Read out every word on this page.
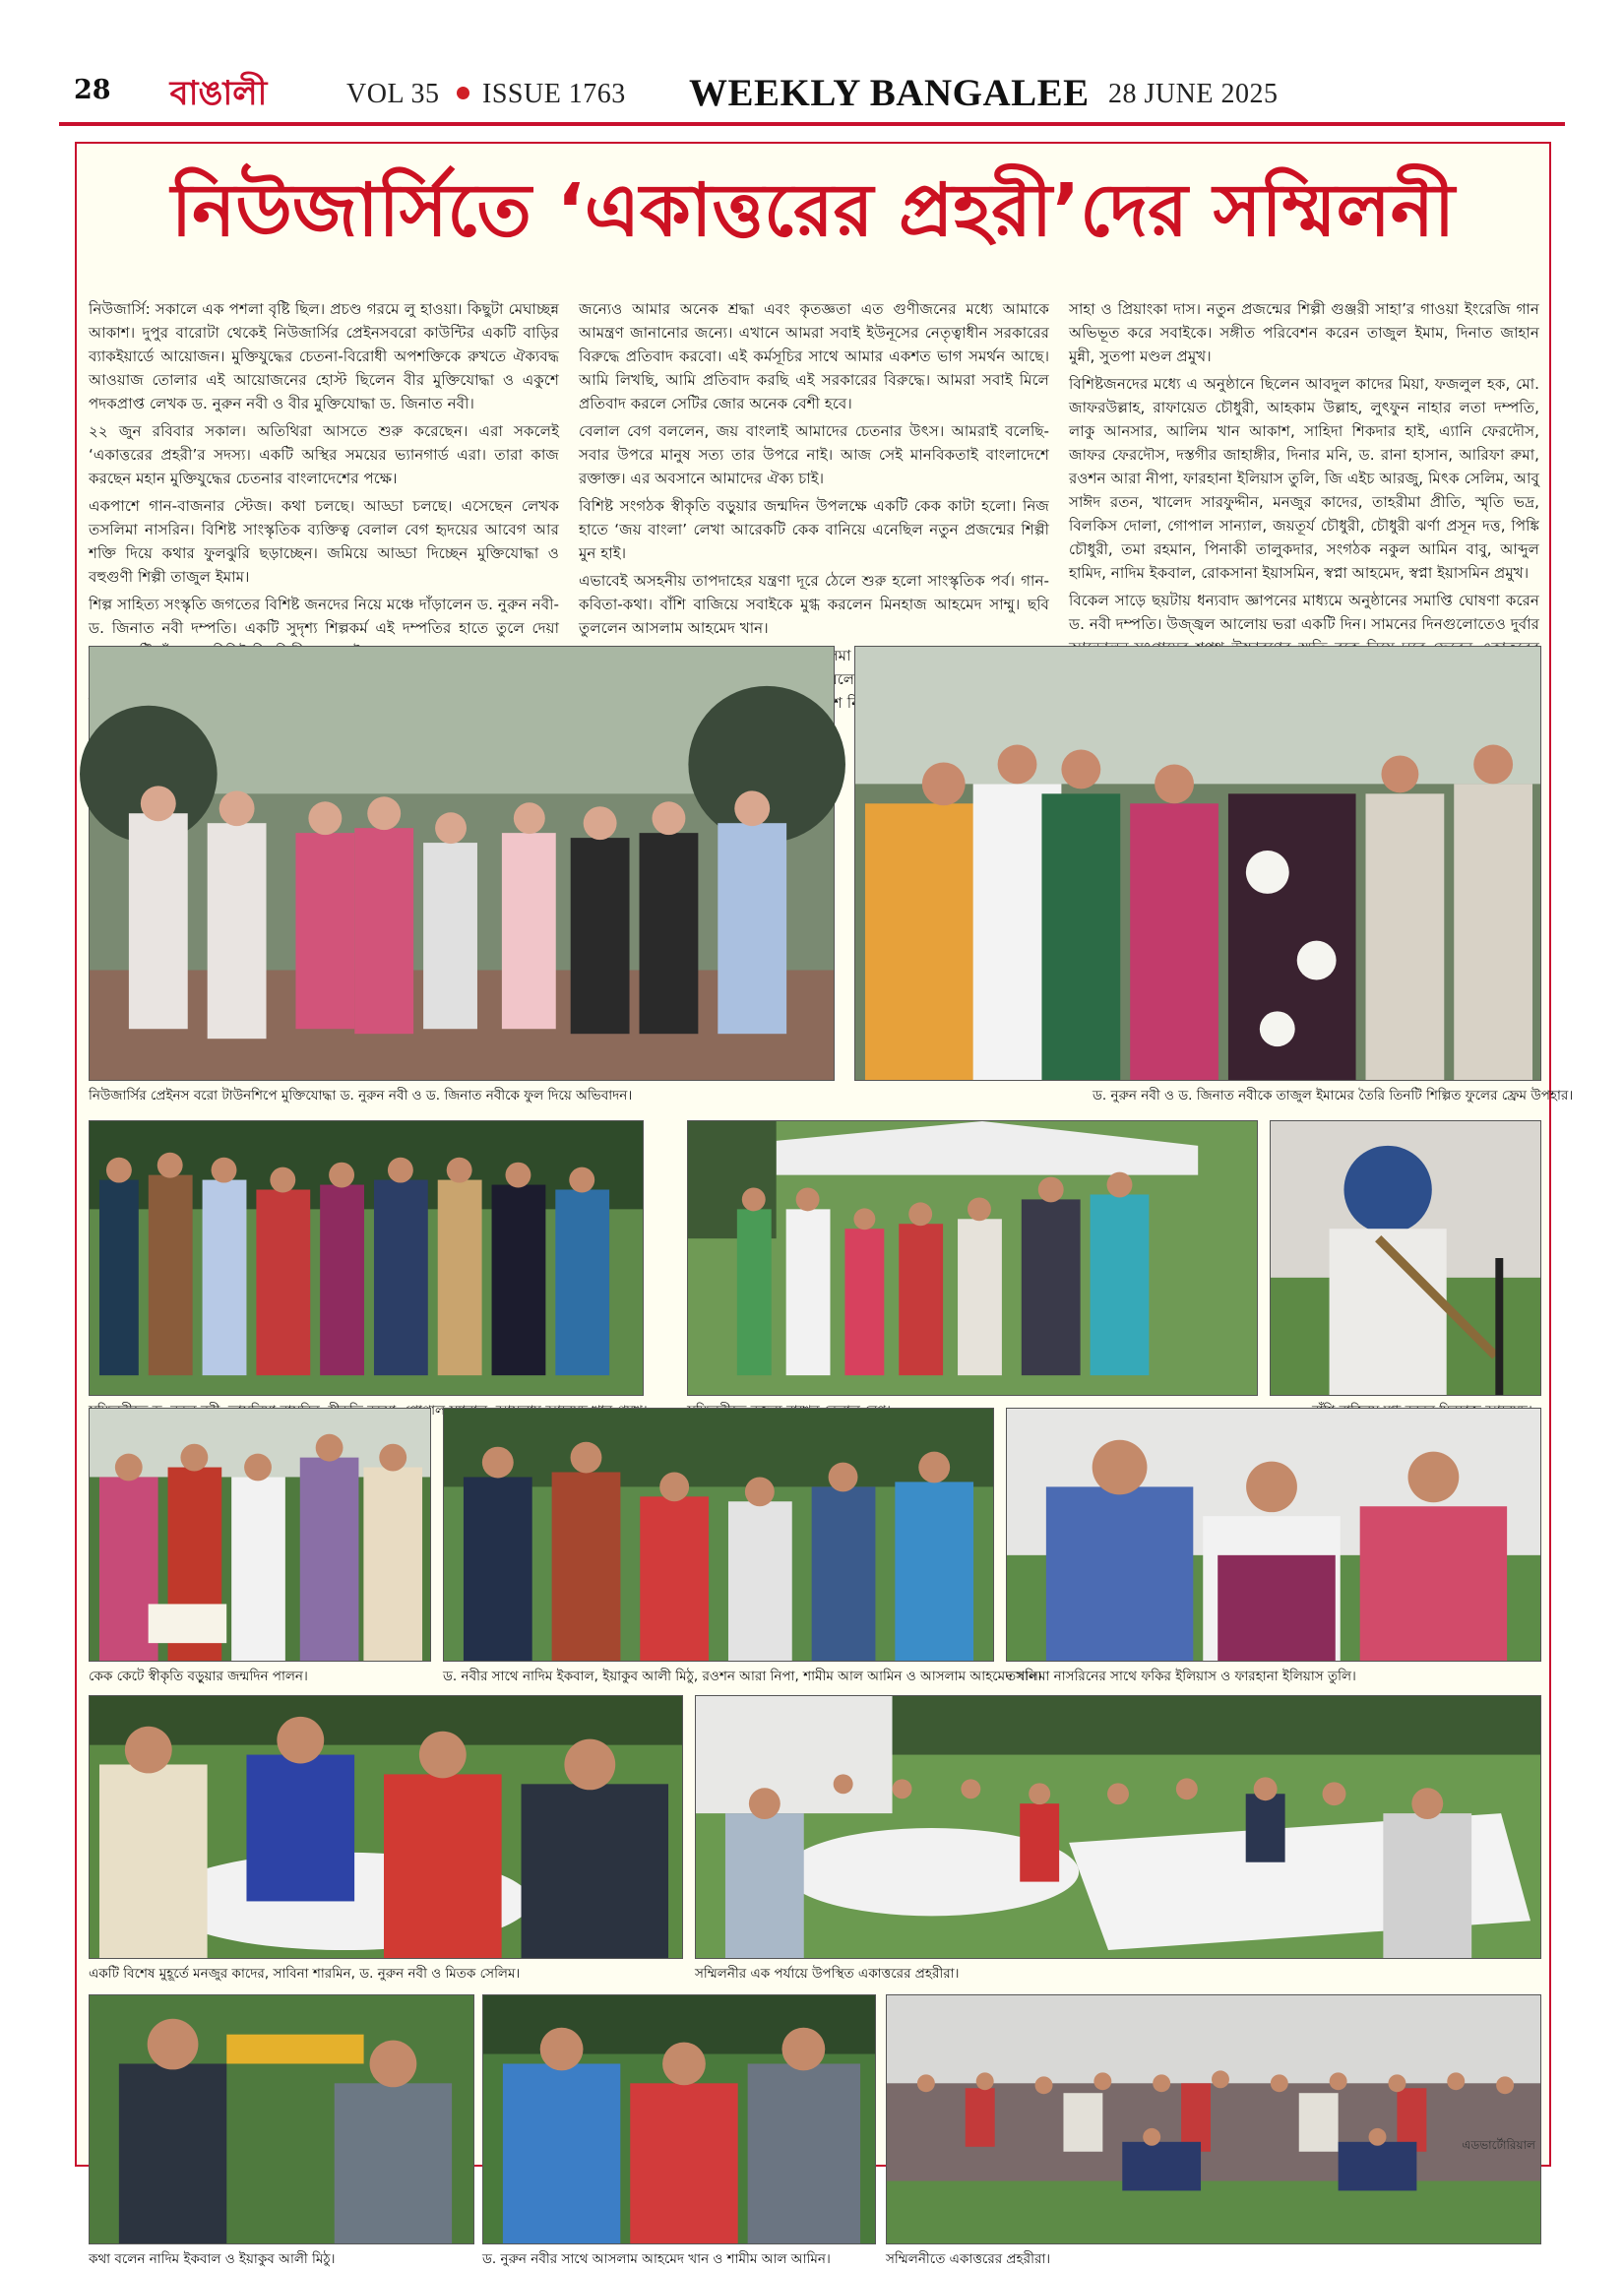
28 বাঙালী	VOL 35 ISSUE 1763 WEEKLY BANGALEE 28 JUNE 2025
নিউজার্সিতে ‘একাত্তরের প্রহরী’দের সম্মিলনী

নিউজার্সি: সকালে এক পশলা বৃষ্টি ছিল। প্রচণ্ড গরমে লু হাওয়া। কিছুটা মেঘাচ্ছন্ন আকাশ। দুপুর বারোটা থেকেই নিউজার্সির প্রেইনসবরো কাউন্টির একটি বাড়ির ব্যাকইয়ার্ডে আয়োজন। মুক্তিযুদ্ধের চেতনা-বিরোধী অপশক্তিকে রুখতে ঐক্যবদ্ধ আওয়াজ তোলার এই আয়োজনের হোস্ট ছিলেন বীর মুক্তিযোদ্ধা ও একুশে পদকপ্রাপ্ত লেখক ড. নুরুন নবী ও বীর মুক্তিযোদ্ধা ড. জিনাত নবী।

২২ জুন রবিবার সকাল। অতিথিরা আসতে শুরু করেছেন। এরা সকলেই ‘একাত্তরের প্রহরী’র সদস্য। একটি অস্থির সময়ের ভ্যানগার্ড এরা। তারা কাজ করছেন মহান মুক্তিযুদ্ধের চেতনার বাংলাদেশের পক্ষে।

একপাশে গান-বাজনার স্টেজ। কথা চলছে। আড্ডা চলছে। এসেছেন লেখক তসলিমা নাসরিন। বিশিষ্ট সাংস্কৃতিক ব্যক্তিত্ব বেলাল বেগ হৃদয়ের আবেগ আর শক্তি দিয়ে কথার ফুলঝুরি ছড়াচ্ছেন। জমিয়ে আড্ডা দিচ্ছেন মুক্তিযোদ্ধা ও বহুগুণী শিল্পী তাজুল ইমাম।

শিল্প সাহিত্য সংস্কৃতি জগতের বিশিষ্ট জনদের নিয়ে মঞ্চে দাঁড়ালেন ড. নুরুন নবী-ড. জিনাত নবী দম্পতি। একটি সুদৃশ্য শিল্পকর্ম এই দম্পতির হাতে তুলে দেয়া

জন্যেও আমার অনেক শ্রদ্ধা এবং কৃতজ্ঞতা এত গুণীজনের মধ্যে আমাকে আমন্ত্রণ জানানোর জন্যে। এখানে আমরা সবাই ইউনূসের নেতৃত্বাধীন সরকারের বিরুদ্ধে প্রতিবাদ করবো। এই কর্মসূচির সাথে আমার একশত ভাগ সমর্থন আছে। আমি লিখছি, আমি প্রতিবাদ করছি এই সরকারের বিরুদ্ধে। আমরা সবাই মিলে প্রতিবাদ করলে সেটির জোর অনেক বেশী হবে।

বেলাল বেগ বললেন, জয় বাংলাই আমাদের চেতনার উৎস। আমরাই বলেছি- সবার উপরে মানুষ সত্য তার উপরে নাই। আজ সেই মানবিকতাই বাংলাদেশে রক্তাক্ত। এর অবসানে আমাদের ঐক্য চাই।

বিশিষ্ট সংগঠক স্বীকৃতি বড়ুয়ার জন্মদিন উপলক্ষে একটি কেক কাটা হলো। নিজ হাতে ‘জয় বাংলা’ লেখা আরেকটি কেক বানিয়ে এনেছিল নতুন প্রজন্মের শিল্পী মুন হাই।

এভাবেই অসহনীয় তাপদাহের যন্ত্রণা দূরে ঠেলে শুরু হলো সাংস্কৃতিক পর্ব। গান-কবিতা-কথা। বাঁশি বাজিয়ে সবাইকে মুগ্ধ করলেন মিনহাজ আহমেদ সাম্মু। ছবি তুললেন আসলাম আহমেদ খান।

করলেন

সাহা ও প্রিয়াংকা দাস। নতুন প্রজন্মের শিল্পী গুঞ্জরী সাহা’র গাওয়া ইংরেজি গান অভিভূত করে সবাইকে। সঙ্গীত পরিবেশন করেন তাজুল ইমাম, দিনাত জাহান মুন্নী, সুতপা মণ্ডল প্রমুখ।

বিশিষ্টজনদের মধ্যে এ অনুষ্ঠানে ছিলেন আবদুল কাদের মিয়া, ফজলুল হক, মো. জাফরউল্লাহ, রাফায়েত চৌধুরী, আহকাম উল্লাহ, লুৎফুন নাহার লতা দম্পতি, লাকু আনসার, আলিম খান আকাশ, সাহিদা শিকদার হাই, এ্যানি ফেরদৌস, জাফর ফেরদৌস, দস্তগীর জাহাঙ্গীর, দিনার মনি, ড. রানা হাসান, আরিফা রুমা, রওশন আরা নীপা, ফারহানা ইলিয়াস তুলি, জি এইচ আরজু, মিৎক সেলিম, আবু সাঈদ রতন, খালেদ সারফুদ্দীন, মনজুর কাদের, তাহরীমা প্রীতি, স্মৃতি ভদ্র, বিলকিস দোলা, গোপাল সান্যাল, জয়তূর্য চৌধুরী, চৌধুরী ঝর্ণা প্রসূন দত্ত, পিঙ্কি চৌধুরী, তমা রহমান, পিনাকী তালুকদার, সংগঠক নকুল আমিন বাবু, আব্দুল হামিদ, নাদিম ইকবাল, রোকসানা ইয়াসমিন, স্বপ্না আহমেদ, স্বপ্না ইয়াসমিন প্রমুখ।

বিকেল সাড়ে ছয়টায় ধন্যবাদ জ্ঞাপনের মাধ্যমে অনুষ্ঠানের সমাপ্তি ঘোষণা করেন ড. নবী দম্পতি। উজ্জ্বল আলোয় ভরা একটি দিন। সামনের দিনগুলোতেও দুর্বার

নিউজার্সির প্রেইনস বরো টাউনশিপে মুক্তিযোদ্ধা ড. নুরুন নবী ও ড. জিনাত নবীকে ফুল দিয়ে অভিবাদন।	ড. নুরুন নবী ও ড. জিনাত নবীকে তাজুল ইমামের তৈরি তিনটি শিল্পিত ফুলের ফ্রেম উপহার।
কেক কেটে স্বীকৃতি বড়ুয়ার জন্মদিন পালন।	ড. নবীর সাথে নাদিম ইকবাল, ইয়াকুব আলী মিঠু, রওশন আরা নিপা, শামীম আল আমিন ও আসলাম আহমেদ খান।
তসলিমা নাসরিনের সাথে ফকির ইলিয়াস ও ফারহানা ইলিয়াস তুলি।
একটি বিশেষ মুহূর্তে মনজুর কাদের, সাবিনা শারমিন, ড. নুরুন নবী ও মিতক সেলিম।	সম্মিলনীর এক পর্যায়ে উপস্থিত একাত্তরের প্রহরীরা।
কথা বলেন নাদিম ইকবাল ও ইয়াকুব আলী মিঠু।	ড. নুরুন নবীর সাথে আসলাম আহমেদ খান ও শামীম আল আমিন।	সম্মিলনীতে একাত্তরের প্রহরীরা।
এডভার্টোরিয়াল
